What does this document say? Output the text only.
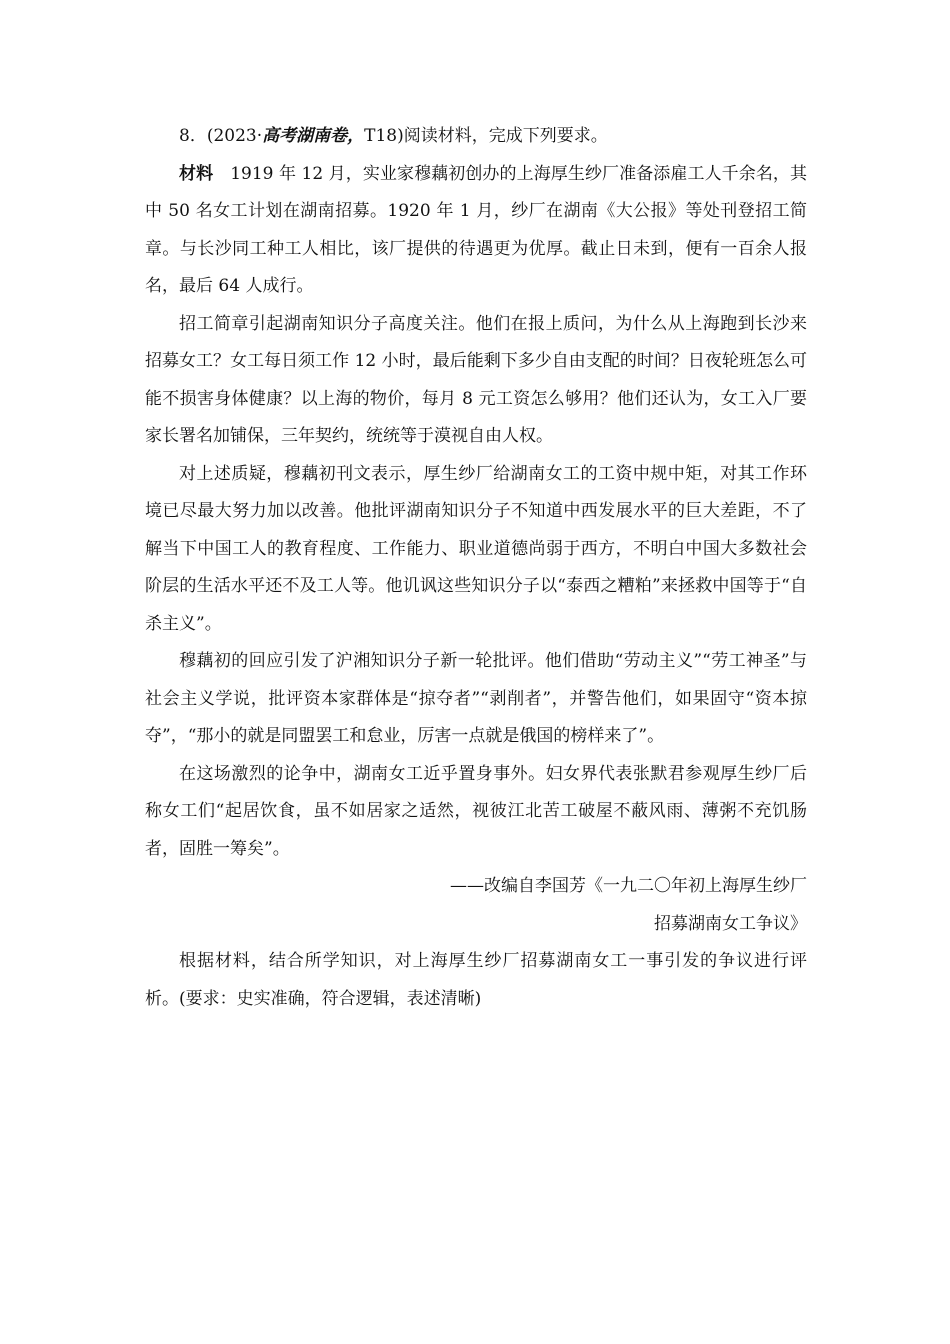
8．(2023·高考湖南卷，T18)阅读材料，完成下列要求。

材料 1919 年 12 月，实业家穆藕初创办的上海厚生纱厂准备添雇工人千余名，其中 50 名女工计划在湖南招募。1920 年 1 月，纱厂在湖南《大公报》等处刊登招工简章。与长沙同工种工人相比，该厂提供的待遇更为优厚。截止日未到，便有一百余人报名，最后 64 人成行。

招工简章引起湖南知识分子高度关注。他们在报上质问，为什么从上海跑到长沙来招募女工？女工每日须工作 12 小时，最后能剩下多少自由支配的时间？日夜轮班怎么可能不损害身体健康？以上海的物价，每月 8 元工资怎么够用？他们还认为，女工入厂要家长署名加铺保，三年契约，统统等于漠视自由人权。

对上述质疑，穆藕初刊文表示，厚生纱厂给湖南女工的工资中规中矩，对其工作环境已尽最大努力加以改善。他批评湖南知识分子不知道中西发展水平的巨大差距，不了解当下中国工人的教育程度、工作能力、职业道德尚弱于西方，不明白中国大多数社会阶层的生活水平还不及工人等。他讥讽这些知识分子以“泰西之糟粕”来拯救中国等于“自杀主义”。

穆藕初的回应引发了沪湘知识分子新一轮批评。他们借助“劳动主义”“劳工神圣”与社会主义学说，批评资本家群体是“掠夺者”“剥削者”，并警告他们，如果固守“资本掠夺”，“那小的就是同盟罢工和怠业，厉害一点就是俄国的榜样来了”。

在这场激烈的论争中，湖南女工近乎置身事外。妇女界代表张默君参观厚生纱厂后称女工们“起居饮食，虽不如居家之适然，视彼江北苦工破屋不蔽风雨、薄粥不充饥肠者，固胜一筹矣”。

——改编自李国芳《一九二〇年初上海厚生纱厂
招募湖南女工争议》

根据材料，结合所学知识，对上海厚生纱厂招募湖南女工一事引发的争议进行评析。(要求：史实准确，符合逻辑，表述清晰)
